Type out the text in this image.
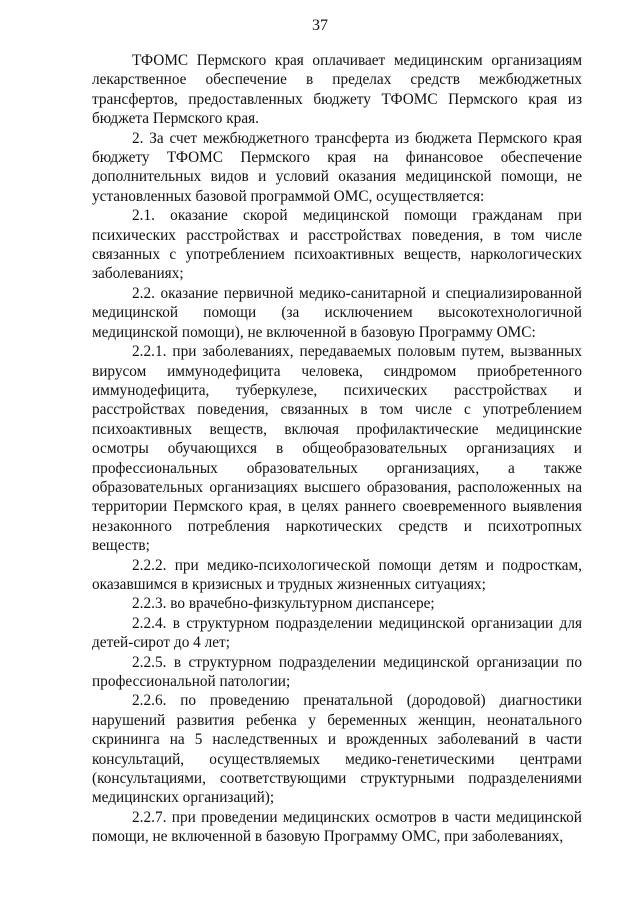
37

ТФОМС Пермского края оплачивает медицинским организациям лекарственное обеспечение в пределах средств межбюджетных трансфертов, предоставленных бюджету ТФОМС Пермского края из бюджета Пермского края.

2. За счет межбюджетного трансферта из бюджета Пермского края бюджету ТФОМС Пермского края на финансовое обеспечение дополнительных видов и условий оказания медицинской помощи, не установленных базовой программой ОМС, осуществляется:

2.1. оказание скорой медицинской помощи гражданам при психических расстройствах и расстройствах поведения, в том числе связанных с употреблением психоактивных веществ, наркологических заболеваниях;

2.2. оказание первичной медико-санитарной и специализированной медицинской помощи (за исключением высокотехнологичной медицинской помощи), не включенной в базовую Программу ОМС:

2.2.1. при заболеваниях, передаваемых половым путем, вызванных вирусом иммунодефицита человека, синдромом приобретенного иммунодефицита, туберкулезе, психических расстройствах и расстройствах поведения, связанных в том числе с употреблением психоактивных веществ, включая профилактические медицинские осмотры обучающихся в общеобразовательных организациях и профессиональных образовательных организациях, а также образовательных организациях высшего образования, расположенных на территории Пермского края, в целях раннего своевременного выявления незаконного потребления наркотических средств и психотропных веществ;

2.2.2. при медико-психологической помощи детям и подросткам, оказавшимся в кризисных и трудных жизненных ситуациях;

2.2.3. во врачебно-физкультурном диспансере;

2.2.4. в структурном подразделении медицинской организации для детей-сирот до 4 лет;

2.2.5. в структурном подразделении медицинской организации по профессиональной патологии;

2.2.6. по проведению пренатальной (дородовой) диагностики нарушений развития ребенка у беременных женщин, неонатального скрининга на 5 наследственных и врожденных заболеваний в части консультаций, осуществляемых медико-генетическими центрами (консультациями, соответствующими структурными подразделениями медицинских организаций);

2.2.7. при проведении медицинских осмотров в части медицинской помощи, не включенной в базовую Программу ОМС, при заболеваниях,
